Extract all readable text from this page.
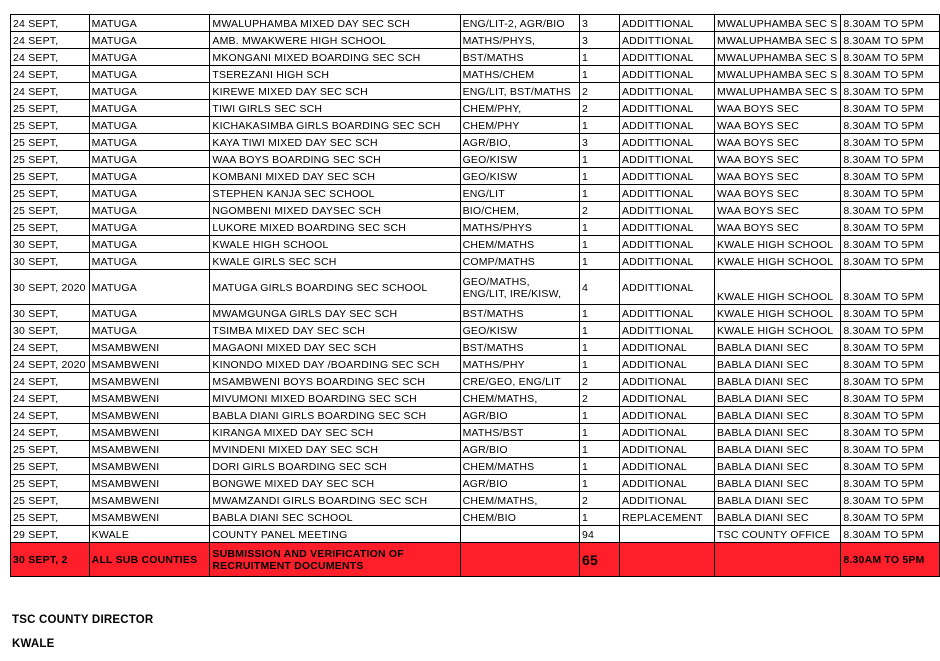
24 SEPT,	MATUGA	MWALUPHAMBA MIXED DAY SEC SCH	ENG/LIT-2, AGR/BIO	3	ADDITTIONAL	MWALUPHAMBA SEC S	8.30AM TO 5PM
24 SEPT,	MATUGA	AMB. MWAKWERE HIGH SCHOOL	MATHS/PHYS,	3	ADDITTIONAL	MWALUPHAMBA SEC S	8.30AM TO 5PM
24 SEPT,	MATUGA	MKONGANI MIXED BOARDING SEC SCH	BST/MATHS	1	ADDITTIONAL	MWALUPHAMBA SEC S	8.30AM TO 5PM
24 SEPT,	MATUGA	TSEREZANI HIGH SCH	MATHS/CHEM	1	ADDITTIONAL	MWALUPHAMBA SEC S	8.30AM TO 5PM
24 SEPT,	MATUGA	KIREWE MIXED DAY SEC SCH	ENG/LIT, BST/MATHS	2	ADDITTIONAL	MWALUPHAMBA SEC S	8.30AM TO 5PM
25 SEPT,	MATUGA	TIWI GIRLS SEC SCH	CHEM/PHY,	2	ADDITTIONAL	WAA BOYS SEC	8.30AM TO 5PM
25 SEPT,	MATUGA	KICHAKASIMBA GIRLS BOARDING SEC SCH	CHEM/PHY	1	ADDITTIONAL	WAA BOYS SEC	8.30AM TO 5PM
25 SEPT,	MATUGA	KAYA TIWI MIXED DAY SEC SCH	AGR/BIO,	3	ADDITTIONAL	WAA BOYS SEC	8.30AM TO 5PM
25 SEPT,	MATUGA	WAA BOYS BOARDING SEC SCH	GEO/KISW	1	ADDITTIONAL	WAA BOYS SEC	8.30AM TO 5PM
25 SEPT,	MATUGA	KOMBANI MIXED DAY SEC SCH	GEO/KISW	1	ADDITTIONAL	WAA BOYS SEC	8.30AM TO 5PM
25 SEPT,	MATUGA	STEPHEN KANJA SEC SCHOOL	ENG/LIT	1	ADDITTIONAL	WAA BOYS SEC	8.30AM TO 5PM
25 SEPT,	MATUGA	NGOMBENI MIXED DAYSEC SCH	BIO/CHEM,	2	ADDITTIONAL	WAA BOYS SEC	8.30AM TO 5PM
25 SEPT,	MATUGA	LUKORE MIXED BOARDING SEC SCH	MATHS/PHYS	1	ADDITTIONAL	WAA BOYS SEC	8.30AM TO 5PM
30 SEPT,	MATUGA	KWALE HIGH SCHOOL	CHEM/MATHS	1	ADDITTIONAL	KWALE HIGH SCHOOL	8.30AM TO 5PM
30 SEPT,	MATUGA	KWALE GIRLS SEC SCH	COMP/MATHS	1	ADDITTIONAL	KWALE HIGH SCHOOL	8.30AM TO 5PM
30 SEPT, 2020	MATUGA	MATUGA GIRLS BOARDING SEC SCHOOL	GEO/MATHS, ENG/LIT, IRE/KISW,	4	ADDITTIONAL	KWALE HIGH SCHOOL	8.30AM TO 5PM
30 SEPT,	MATUGA	MWAMGUNGA GIRLS DAY SEC SCH	BST/MATHS	1	ADDITTIONAL	KWALE HIGH SCHOOL	8.30AM TO 5PM
30 SEPT,	MATUGA	TSIMBA MIXED DAY SEC SCH	GEO/KISW	1	ADDITTIONAL	KWALE HIGH SCHOOL	8.30AM TO 5PM
24 SEPT,	MSAMBWENI	MAGAONI MIXED DAY SEC SCH	BST/MATHS	1	ADDITIONAL	BABLA DIANI SEC	8.30AM TO 5PM
24 SEPT, 2020	MSAMBWENI	KINONDO MIXED DAY /BOARDING SEC SCH	MATHS/PHY	1	ADDITIONAL	BABLA DIANI SEC	8.30AM TO 5PM
24 SEPT,	MSAMBWENI	MSAMBWENI BOYS BOARDING SEC SCH	CRE/GEO, ENG/LIT	2	ADDITIONAL	BABLA DIANI SEC	8.30AM TO 5PM
24 SEPT,	MSAMBWENI	MIVUMONI MIXED BOARDING SEC SCH	CHEM/MATHS,	2	ADDITIONAL	BABLA DIANI SEC	8.30AM TO 5PM
24 SEPT,	MSAMBWENI	BABLA DIANI GIRLS BOARDING SEC SCH	AGR/BIO	1	ADDITIONAL	BABLA DIANI SEC	8.30AM TO 5PM
24 SEPT,	MSAMBWENI	KIRANGA MIXED DAY SEC SCH	MATHS/BST	1	ADDITIONAL	BABLA DIANI SEC	8.30AM TO 5PM
25 SEPT,	MSAMBWENI	MVINDENI MIXED DAY SEC SCH	AGR/BIO	1	ADDITIONAL	BABLA DIANI SEC	8.30AM TO 5PM
25 SEPT,	MSAMBWENI	DORI GIRLS BOARDING SEC SCH	CHEM/MATHS	1	ADDITIONAL	BABLA DIANI SEC	8.30AM TO 5PM
25 SEPT,	MSAMBWENI	BONGWE MIXED DAY SEC SCH	AGR/BIO	1	ADDITIONAL	BABLA DIANI SEC	8.30AM TO 5PM
25 SEPT,	MSAMBWENI	MWAMZANDI GIRLS BOARDING SEC SCH	CHEM/MATHS,	2	ADDITIONAL	BABLA DIANI SEC	8.30AM TO 5PM
25 SEPT,	MSAMBWENI	BABLA DIANI SEC SCHOOL	CHEM/BIO	1	REPLACEMENT	BABLA DIANI SEC	8.30AM TO 5PM
29 SEPT,	KWALE	COUNTY PANEL MEETING		94		TSC COUNTY OFFICE	8.30AM TO 5PM
30 SEPT, 2	ALL SUB COUNTIES	SUBMISSION AND VERIFICATION OF RECRUITMENT DOCUMENTS		65			8.30AM TO 5PM
TSC COUNTY DIRECTOR
KWALE
